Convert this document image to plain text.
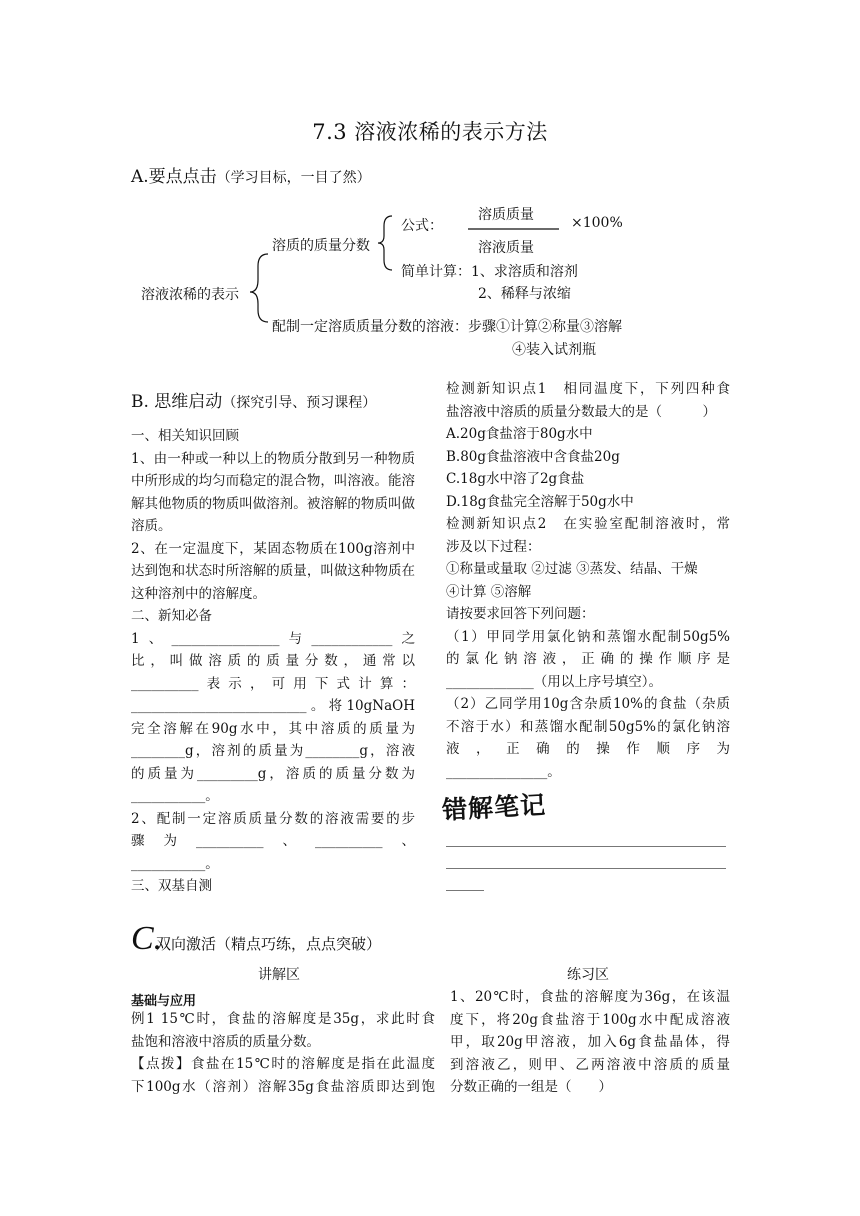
7.3 溶液浓稀的表示方法
A.要点点击（学习目标，一目了然）
溶液浓稀的表示
溶质的质量分数
公式：
溶质质量
溶液质量
×100%
简单计算：1、求溶质和溶剂
2、稀释与浓缩
配制一定溶质质量分数的溶液：步骤①计算②称量③溶解
④装入试剂瓶
B. 思维启动（探究引导、预习课程）

一、相关知识回顾

1、由一种或一种以上的物质分散到另一种物质中所形成的均匀而稳定的混合物，叫溶液。能溶解其他物质的物质叫做溶剂。被溶解的物质叫做溶质。

2、在一定温度下，某固态物质在100g溶剂中达到饱和状态时所溶解的质量，叫做这种物质在这种溶剂中的溶解度。

二、新知必备

1、________________与____________之

比，叫做溶质的质量分数，通常以

__________表示，可用下式计算：

__________________________。将10gNaOH

完全溶解在90g水中，其中溶质的质量为

________g，溶剂的质量为________g，溶液

的质量为_________g，溶质的质量分数为

___________。

2、配制一定溶质质量分数的溶液需要的步

骤为__________、__________、

___________。

三、双基自测

检测新知识点1　相同温度下，下列四种食

盐溶液中溶质的质量分数最大的是（　　　）

A.20g食盐溶于80g水中

B.80g食盐溶液中含食盐20g

C.18g水中溶了2g食盐

D.18g食盐完全溶解于50g水中

检测新知识点2　在实验室配制溶液时，常

涉及以下过程：

①称量或量取 ②过滤 ③蒸发、结晶、干燥

④计算 ⑤溶解

请按要求回答下列问题：

（1）甲同学用氯化钠和蒸馏水配制50g5%

的氯化钠溶液，正确的操作顺序是

_____________（用以上序号填空）。

（2）乙同学用10g含杂质10%的食盐（杂质

不溶于水）和蒸馏水配制50g5%的氯化钠溶

液，正确的操作顺序为

_______________。

错解笔记
C.
双向激活（精点巧练，点点突破）
讲解区	练习区
基础与应用

例1 15℃时，食盐的溶解度是35g，求此时食

盐饱和溶液中溶质的质量分数。

【点拨】食盐在15℃时的溶解度是指在此温度

下100g水（溶剂）溶解35g食盐溶质即达到饱

1、20℃时，食盐的溶解度为36g，在该温

度下，将20g食盐溶于100g水中配成溶液

甲，取20g甲溶液，加入6g食盐晶体，得

到溶液乙，则甲、乙两溶液中溶质的质量

分数正确的一组是（　　）
